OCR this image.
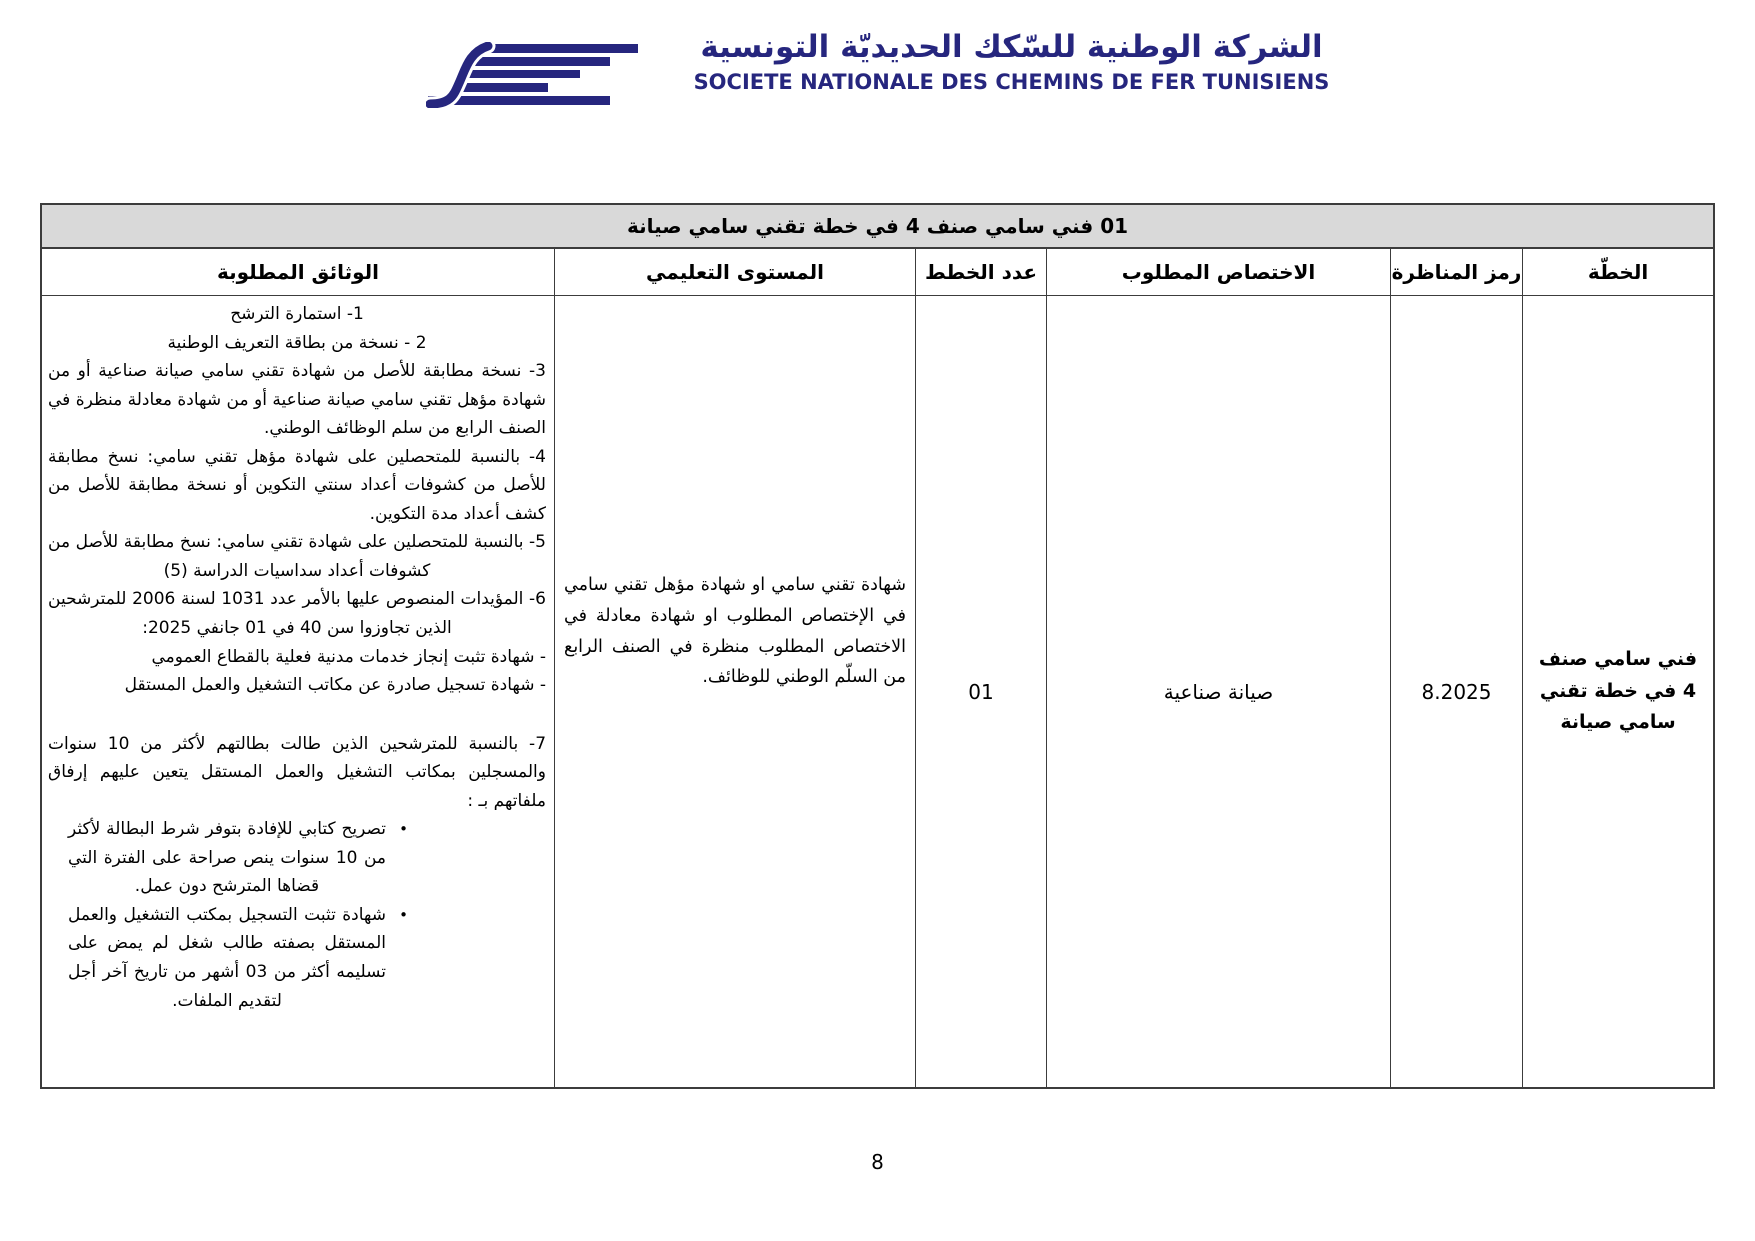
الشركة الوطنية للسّكك الحديديّة التونسية
SOCIETE NATIONALE DES CHEMINS DE FER TUNISIENS
01 فني سامي صنف 4 في خطة تقني سامي صيانة
الخطّة
رمز المناظرة
الاختصاص المطلوب
عدد الخطط
المستوى التعليمي
الوثائق المطلوبة
فني سامي صنف 4 في خطة تقني سامي صيانة
8.2025
صيانة صناعية
01
شهادة تقني سامي او شهادة مؤهل تقني سامي في الإختصاص المطلوب او شهادة معادلة في الاختصاص المطلوب منظرة في الصنف الرابع من السلّم الوطني للوظائف.
1- استمارة الترشح
2 - نسخة من بطاقة التعريف الوطنية
3- نسخة مطابقة للأصل من شهادة تقني سامي صيانة صناعية أو من شهادة مؤهل تقني سامي صيانة صناعية أو من شهادة معادلة منظرة في الصنف الرابع من سلم الوظائف الوطني.
4- بالنسبة للمتحصلين على شهادة مؤهل تقني سامي: نسخ مطابقة للأصل من كشوفات أعداد سنتي التكوين أو نسخة مطابقة للأصل من كشف أعداد مدة التكوين.
5- بالنسبة للمتحصلين على شهادة تقني سامي: نسخ مطابقة للأصل من كشوفات أعداد سداسيات الدراسة (5)
6- المؤيدات المنصوص عليها بالأمر عدد 1031 لسنة 2006 للمترشحين الذين تجاوزوا سن 40 في 01 جانفي 2025:
- شهادة تثبت إنجاز خدمات مدنية فعلية بالقطاع العمومي
- شهادة تسجيل صادرة عن مكاتب التشغيل والعمل المستقل
7- بالنسبة للمترشحين الذين طالت بطالتهم لأكثر من 10 سنوات والمسجلين بمكاتب التشغيل والعمل المستقل يتعين عليهم إرفاق ملفاتهم بـ :
•
تصريح كتابي للإفادة بتوفر شرط البطالة لأكثر من 10 سنوات ينص صراحة على الفترة التي قضاها المترشح دون عمل.
•
شهادة تثبت التسجيل بمكتب التشغيل والعمل المستقل بصفته طالب شغل لم يمض على تسليمه أكثر من 03 أشهر من تاريخ آخر أجل لتقديم الملفات.
8
